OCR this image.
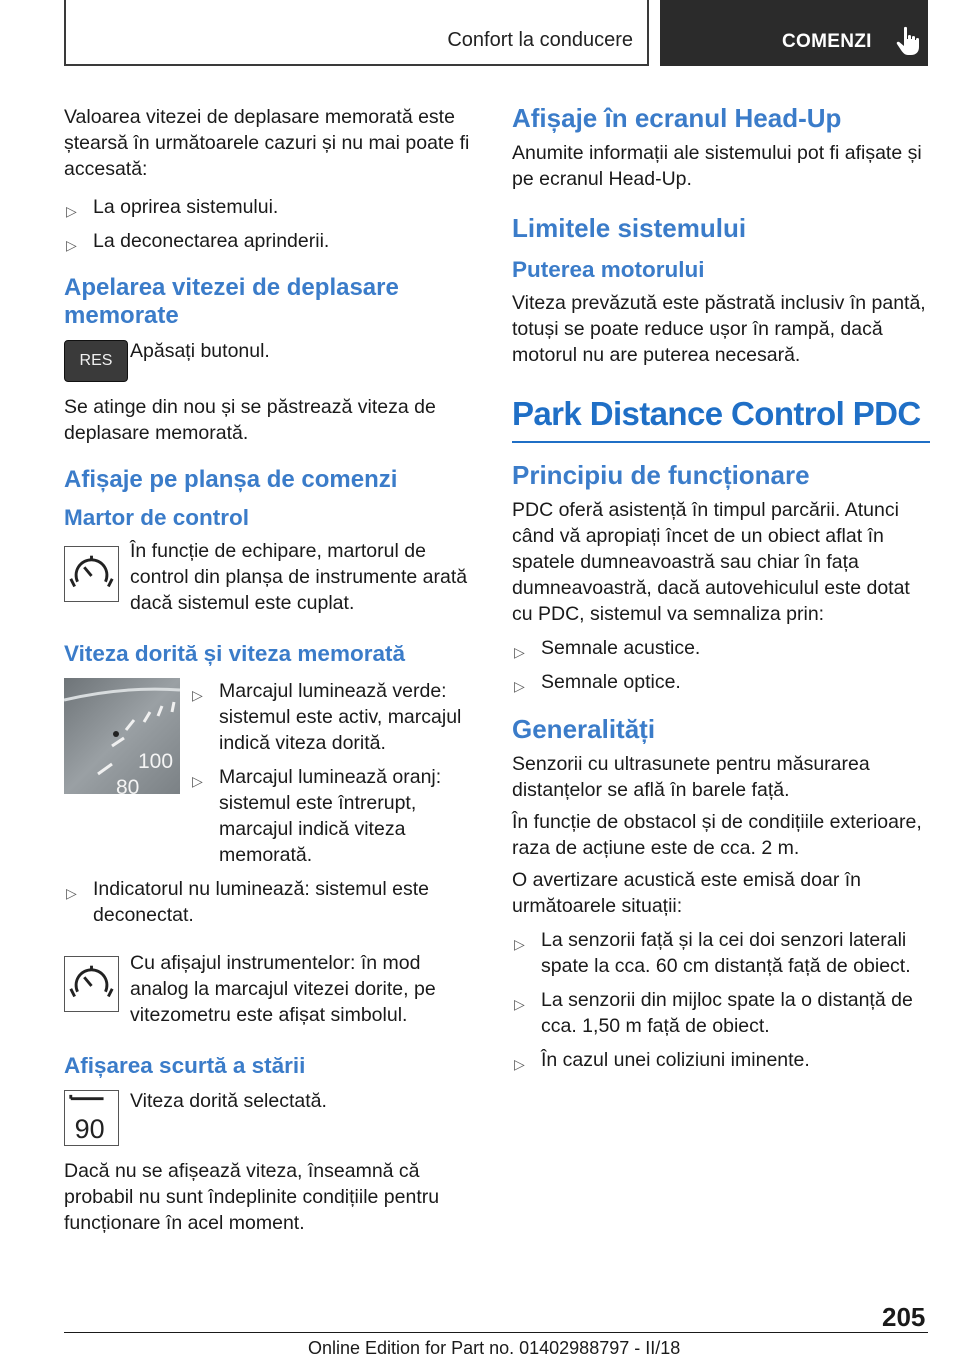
Confort la conducere	COMENZI

Valoarea vitezei de deplasare memorată este ștearsă în următoarele cazuri și nu mai poate fi accesată:

▷ La oprirea sistemului.
▷ La deconectarea aprinderii.
Apelarea vitezei de deplasare memorate
RES Apăsați butonul.

Se atinge din nou și se păstrează viteza de deplasare memorată.

Afișaje pe planșa de comenzi
Martor de control

În funcție de echipare, martorul de control din planșa de instrumente arată dacă sistemul este cuplat.

Viteza dorită și viteza memorată
100
80
▷ Marcajul luminează verde: sistemul este activ, marcajul indică viteza dorită.
▷ Marcajul luminează oranj: sistemul este întrerupt, marcajul indică viteza memorată.
▷ Indicatorul nu luminează: sistemul este deconectat.

Cu afișajul instrumentelor: în mod analog la marcajul vitezei dorite, pe vitezometru este afișat simbolul.

Afișarea scurtă a stării
90

Viteza dorită selectată.

Dacă nu se afișează viteza, înseamnă că probabil nu sunt îndeplinite condițiile pentru funcționare în acel moment.

Afișaje în ecranul Head-Up

Anumite informații ale sistemului pot fi afișate și pe ecranul Head-Up.

Limitele sistemului
Puterea motorului

Viteza prevăzută este păstrată inclusiv în pantă, totuși se poate reduce ușor în rampă, dacă motorul nu are puterea necesară.

Park Distance Control PDC
Principiu de funcționare

PDC oferă asistență în timpul parcării. Atunci când vă apropiați încet de un obiect aflat în spatele dumneavoastră sau chiar în fața dumneavoastră, dacă autovehiculul este dotat cu PDC, sistemul va semnaliza prin:

▷ Semnale acustice.
▷ Semnale optice.
Generalități

Senzorii cu ultrasunete pentru măsurarea distanțelor se află în barele față.

În funcție de obstacol și de condițiile exterioare, raza de acțiune este de cca. 2 m.

O avertizare acustică este emisă doar în următoarele situații:

▷ La senzorii față și la cei doi senzori laterali spate la cca. 60 cm distanță față de obiect.
▷ La senzorii din mijloc spate la o distanță de cca. 1,50 m față de obiect.
▷ În cazul unei coliziuni iminente.
205
Online Edition for Part no. 01402988797 - II/18
